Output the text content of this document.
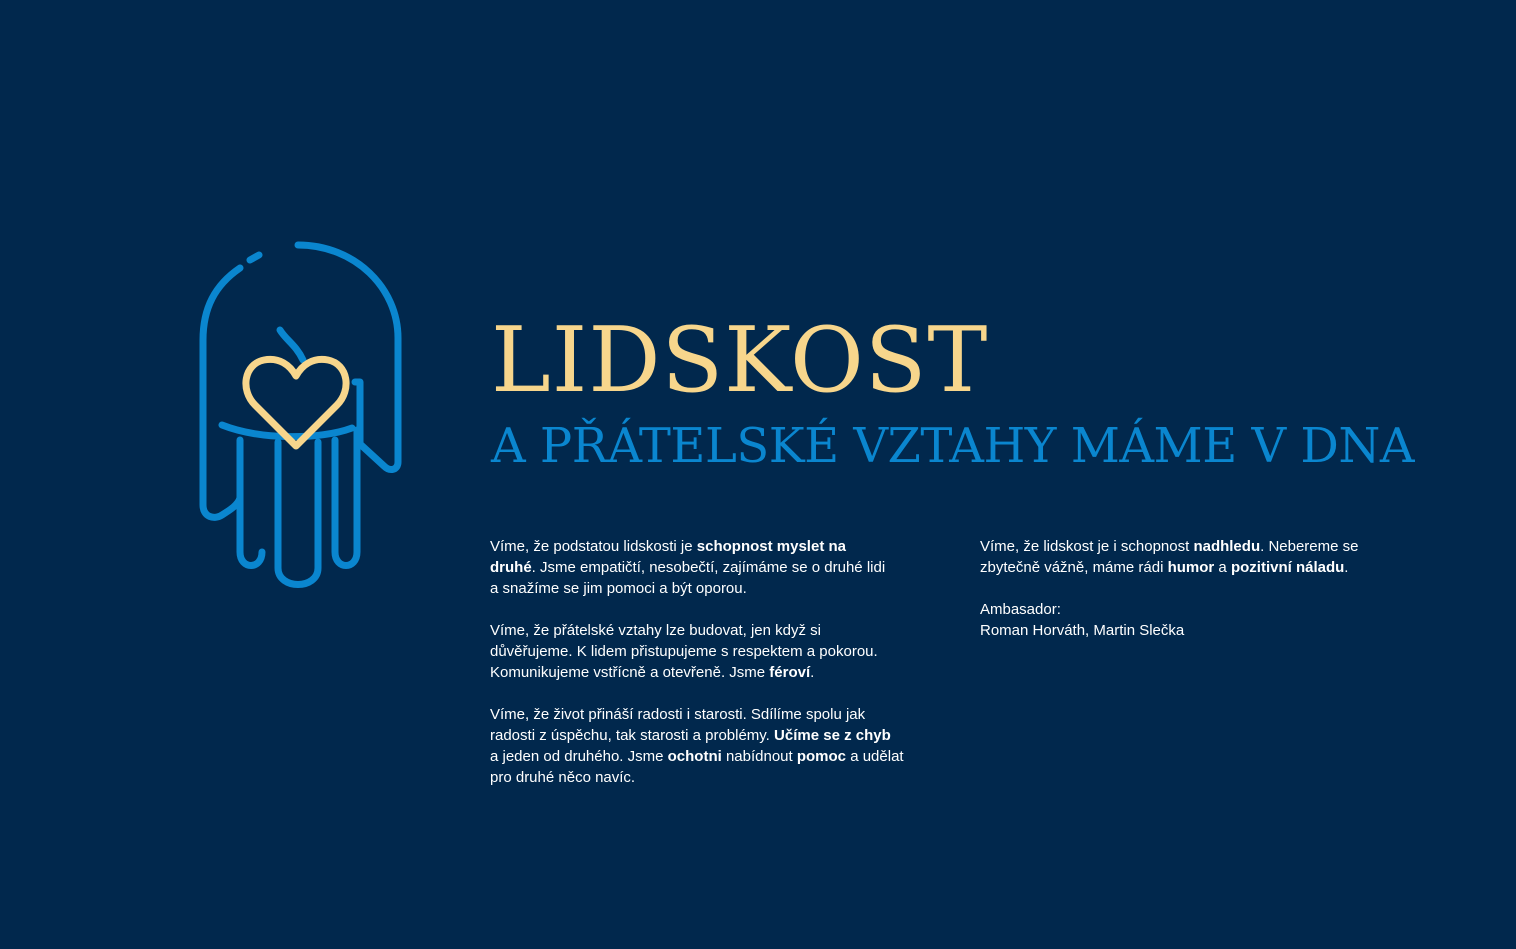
LIDSKOST
A PŘÁTELSKÉ VZTAHY MÁME V DNA

Víme, že podstatou lidskosti je schopnost myslet na
druhé. Jsme empatičtí, nesobečtí, zajímáme se o druhé lidi
a snažíme se jim pomoci a být oporou.

Víme, že přátelské vztahy lze budovat, jen když si
důvěřujeme. K lidem přistupujeme s respektem a pokorou.
Komunikujeme vstřícně a otevřeně. Jsme féroví.

Víme, že život přináší radosti i starosti. Sdílíme spolu jak
radosti z úspěchu, tak starosti a problémy. Učíme se z chyb
a jeden od druhého. Jsme ochotni nabídnout pomoc a udělat
pro druhé něco navíc.

Víme, že lidskost je i schopnost nadhledu. Nebereme se
zbytečně vážně, máme rádi humor a pozitivní náladu.

Ambasador:
Roman Horváth, Martin Slečka
